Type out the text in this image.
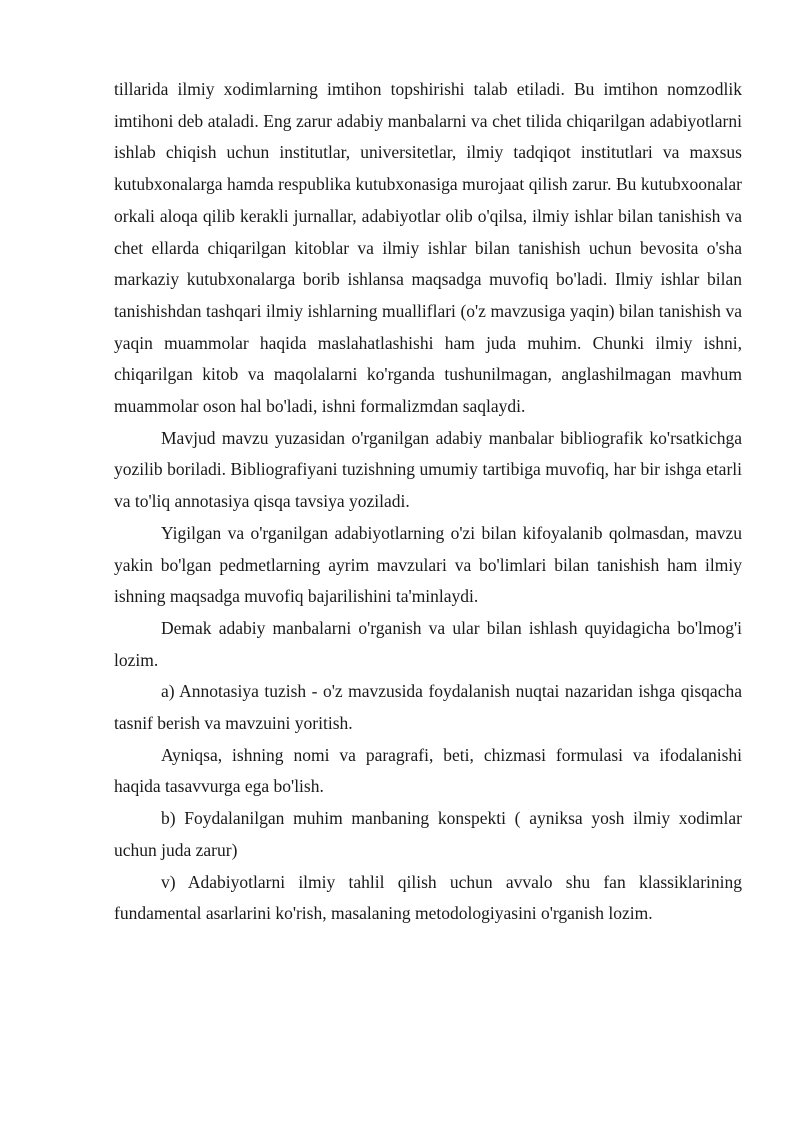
tillarida ilmiy xodimlarning imtihon topshirishi talab etiladi. Bu imtihon nomzodlik imtihoni deb ataladi. Eng zarur adabiy manbalarni va chet tilida chiqarilgan adabiyotlarni ishlab chiqish uchun institutlar, universitetlar, ilmiy tadqiqot institutlari va maxsus kutubxonalarga hamda respublika kutubxonasiga murojaat qilish zarur. Bu kutubxoonalar orkali aloqa qilib kerakli jurnallar, adabiyotlar olib o'qilsa, ilmiy ishlar bilan tanishish va chet ellarda chiqarilgan kitoblar va ilmiy ishlar bilan tanishish uchun bevosita o'sha markaziy kutubxonalarga borib ishlansa maqsadga muvofiq bo'ladi. Ilmiy ishlar bilan tanishishdan tashqari ilmiy ishlarning mualliflari (o'z mavzusiga yaqin) bilan tanishish va yaqin muammolar haqida maslahatlashishi ham juda muhim. Chunki ilmiy ishni, chiqarilgan kitob va maqolalarni ko'rganda tushunilmagan, anglashilmagan mavhum muammolar oson hal bo'ladi, ishni formalizmdan saqlaydi.

Mavjud mavzu yuzasidan o'rganilgan adabiy manbalar bibliografik ko'rsatkichga yozilib boriladi. Bibliografiyani tuzishning umumiy tartibiga muvofiq, har bir ishga etarli va to'liq annotasiya qisqa tavsiya yoziladi.

Yigilgan va o'rganilgan adabiyotlarning o'zi bilan kifoyalanib qolmasdan, mavzu yakin bo'lgan pedmetlarning ayrim mavzulari va bo'limlari bilan tanishish ham ilmiy ishning maqsadga muvofiq bajarilishini ta'minlaydi.

Demak adabiy manbalarni o'rganish va ular bilan ishlash quyidagicha bo'lmog'i lozim.

a) Annotasiya tuzish - o'z mavzusida foydalanish nuqtai nazaridan ishga qisqacha tasnif berish va mavzuini yoritish.

Ayniqsa, ishning nomi va paragrafi, beti, chizmasi formulasi va ifodalanishi haqida tasavvurga ega bo'lish.

b) Foydalanilgan muhim manbaning konspekti ( ayniksa yosh ilmiy xodimlar uchun juda zarur)

v) Adabiyotlarni ilmiy tahlil qilish uchun avvalo shu fan klassiklarining fundamental asarlarini ko'rish, masalaning metodologiyasini o'rganish lozim.
